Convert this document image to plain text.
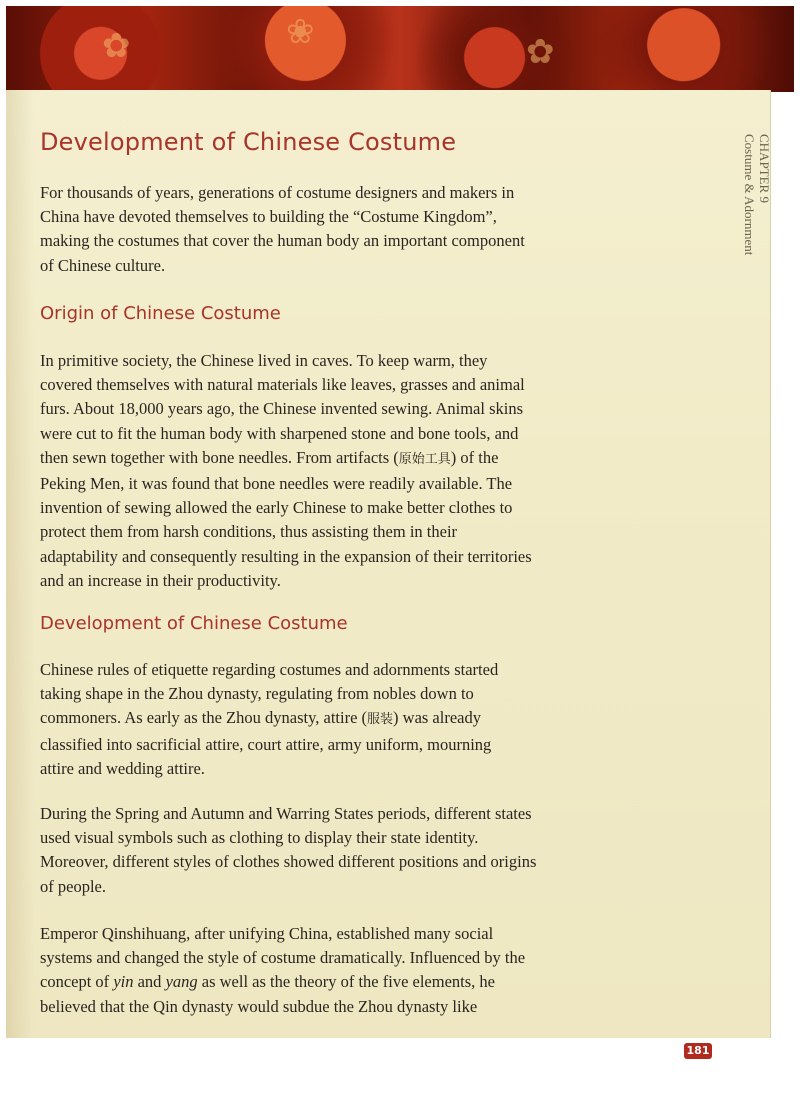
✿	❀
✿
CHAPTER 9
Costume & Adornment
Development of Chinese Costume

For thousands of years, generations of costume designers and makers in China have devoted themselves to building the “Costume Kingdom”, making the costumes that cover the human body an important component of Chinese culture.

Origin of Chinese Costume

In primitive society, the Chinese lived in caves. To keep warm, they covered themselves with natural materials like leaves, grasses and animal furs. About 18,000 years ago, the Chinese invented sewing. Animal skins were cut to fit the human body with sharpened stone and bone tools, and then sewn together with bone needles. From artifacts (原始工具) of the Peking Men, it was found that bone needles were readily available. The invention of sewing allowed the early Chinese to make better clothes to protect them from harsh conditions, thus assisting them in their adaptability and consequently resulting in the expansion of their territories and an increase in their productivity.

Development of Chinese Costume

Chinese rules of etiquette regarding costumes and adornments started taking shape in the Zhou dynasty, regulating from nobles down to commoners. As early as the Zhou dynasty, attire (服装) was already classified into sacrificial attire, court attire, army uniform, mourning attire and wedding attire.

During the Spring and Autumn and Warring States periods, different states used visual symbols such as clothing to display their state identity. Moreover, different styles of clothes showed different positions and origins of people.

Emperor Qinshihuang, after unifying China, established many social systems and changed the style of costume dramatically. Influenced by the concept of yin and yang as well as the theory of the five elements, he believed that the Qin dynasty would subdue the Zhou dynasty like

181
